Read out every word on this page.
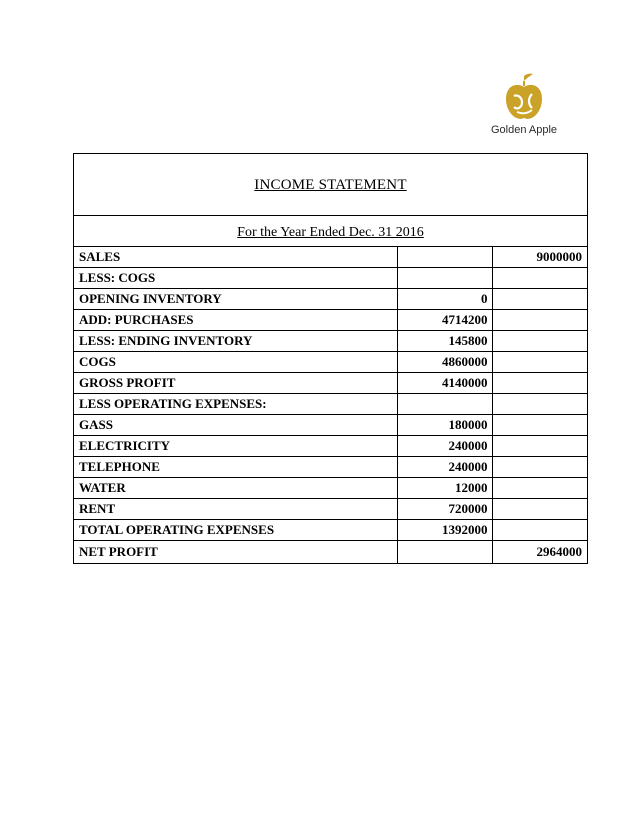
Golden Apple
INCOME STATEMENT
For the Year Ended Dec. 31 2016
SALES		9000000
LESS: COGS		
OPENING INVENTORY	0	
ADD: PURCHASES	4714200	
LESS: ENDING INVENTORY	145800	
COGS	4860000	
GROSS PROFIT	4140000	
LESS OPERATING EXPENSES:		
GASS	180000	
ELECTRICITY	240000	
TELEPHONE	240000	
WATER	12000	
RENT	720000	
TOTAL OPERATING EXPENSES	1392000	
NET PROFIT		2964000
